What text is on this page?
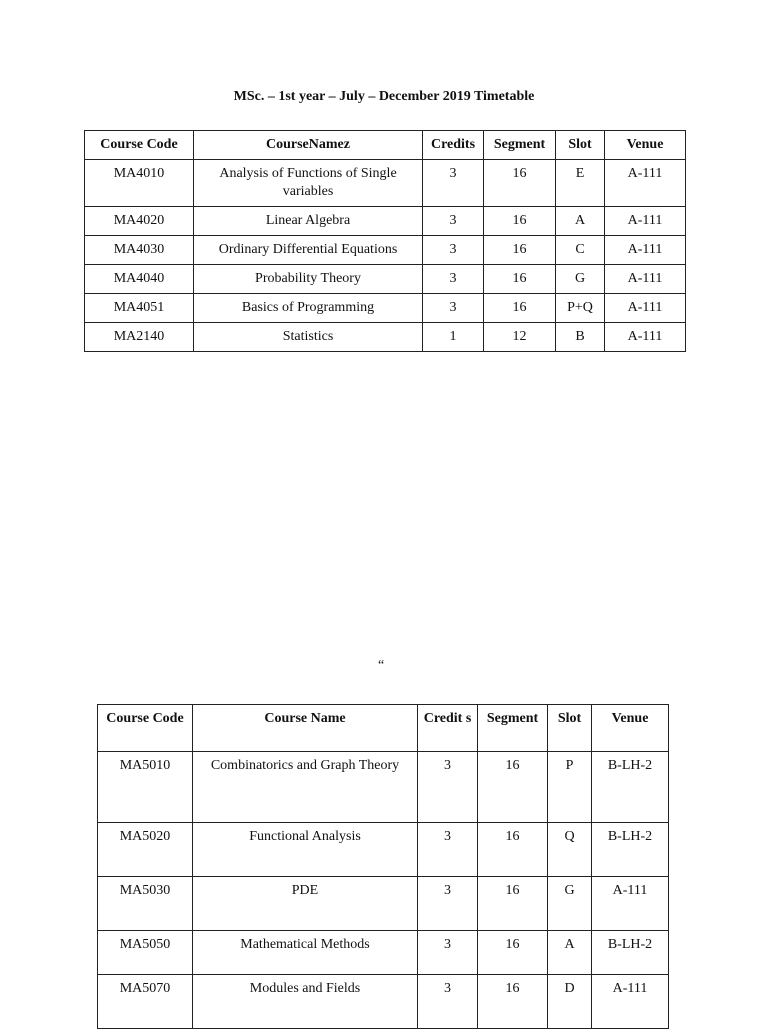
MSc. – 1st year – July – December 2019 Timetable
Course Code	CourseNamez	Credits	Segment	Slot	Venue
MA4010	Analysis of Functions of Single variables	3	16	E	A-111
MA4020	Linear Algebra	3	16	A	A-111
MA4030	Ordinary Differential Equations	3	16	C	A-111
MA4040	Probability Theory	3	16	G	A-111
MA4051	Basics of Programming	3	16	P+Q	A-111
MA2140	Statistics	1	12	B	A-111
“
Course Code	Course Name	Credit s	Segment	Slot	Venue
MA5010	Combinatorics and Graph Theory	3	16	P	B-LH-2
MA5020	Functional Analysis	3	16	Q	B-LH-2
MA5030	PDE	3	16	G	A-111
MA5050	Mathematical Methods	3	16	A	B-LH-2
MA5070	Modules and Fields	3	16	D	A-111
